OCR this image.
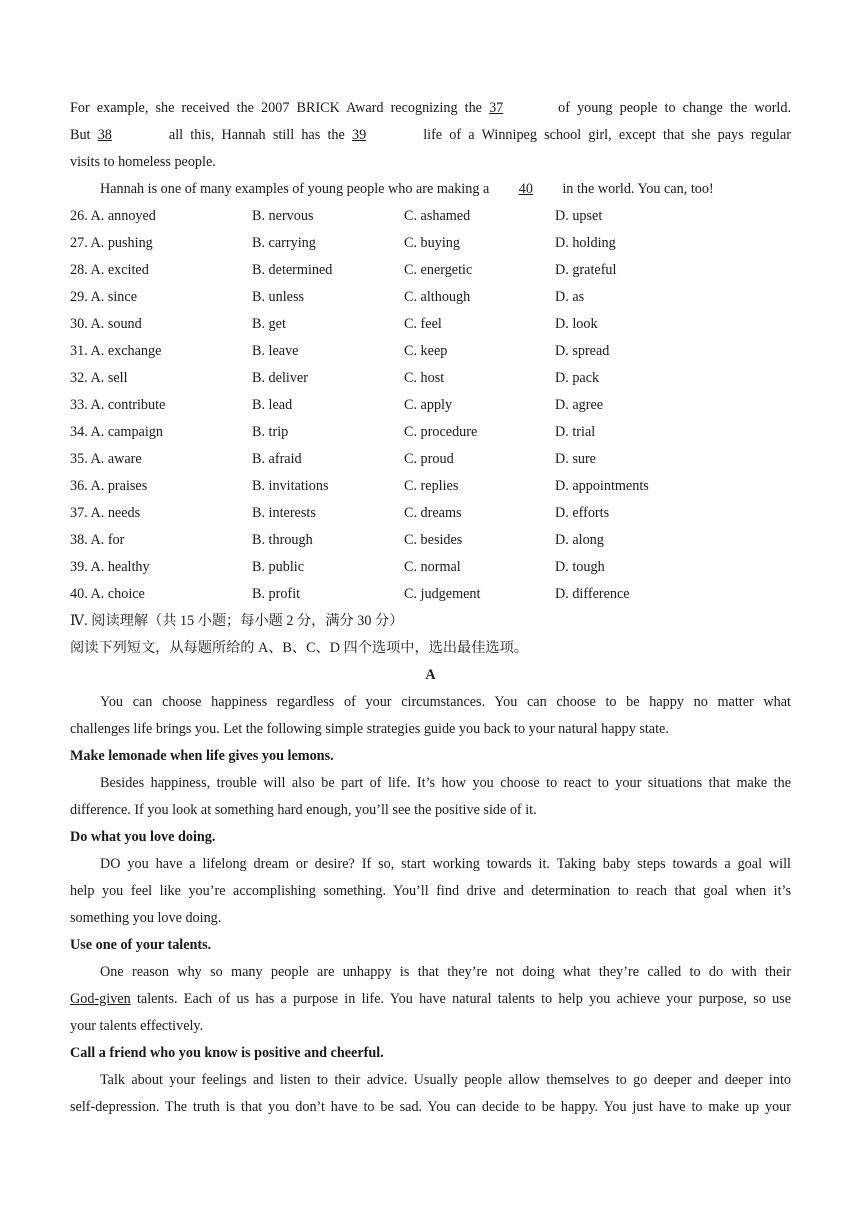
For example, she received the 2007 BRICK Award recognizing the 37	of young people to change the world.
But 38	all this, Hannah still has the 39	life of a Winnipeg school girl, except that she pays regular
visits to homeless people.
Hannah is one of many examples of young people who are making a 40 in the world. You can, too!
26. A. annoyed	B. nervous	C. ashamed	D. upset
27. A. pushing	B. carrying	C. buying	D. holding
28. A. excited	B. determined	C. energetic	D. grateful
29. A. since	B. unless	C. although	D. as
30. A. sound	B. get	C. feel	D. look
31. A. exchange	B. leave	C. keep	D. spread
32. A. sell	B. deliver	C. host	D. pack
33. A. contribute	B. lead	C. apply	D. agree
34. A. campaign	B. trip	C. procedure	D. trial
35. A. aware	B. afraid	C. proud	D. sure
36. A. praises	B. invitations	C. replies	D. appointments
37. A. needs	B. interests	C. dreams	D. efforts
38. A. for	B. through	C. besides	D. along
39. A. healthy	B. public	C. normal	D. tough
40. A. choice	B. profit	C. judgement	D. difference
Ⅳ. 阅读理解（共 15 小题；每小题 2 分，满分 30 分）
阅读下列短文，从每题所给的 A、B、C、D 四个选项中，选出最佳选项。
A
You can choose happiness regardless of your circumstances. You can choose to be happy no matter what
challenges life brings you. Let the following simple strategies guide you back to your natural happy state.
Make lemonade when life gives you lemons.
Besides happiness, trouble will also be part of life. It’s how you choose to react to your situations that make the
difference. If you look at something hard enough, you’ll see the positive side of it.
Do what you love doing.
DO you have a lifelong dream or desire? If so, start working towards it. Taking baby steps towards a goal will
help you feel like you’re accomplishing something. You’ll find drive and determination to reach that goal when it’s
something you love doing.
Use one of your talents.
One reason why so many people are unhappy is that they’re not doing what they’re called to do with their
God-given talents. Each of us has a purpose in life. You have natural talents to help you achieve your purpose, so use
your talents effectively.
Call a friend who you know is positive and cheerful.
Talk about your feelings and listen to their advice. Usually people allow themselves to go deeper and deeper into
self-depression. The truth is that you don’t have to be sad. You can decide to be happy. You just have to make up your
